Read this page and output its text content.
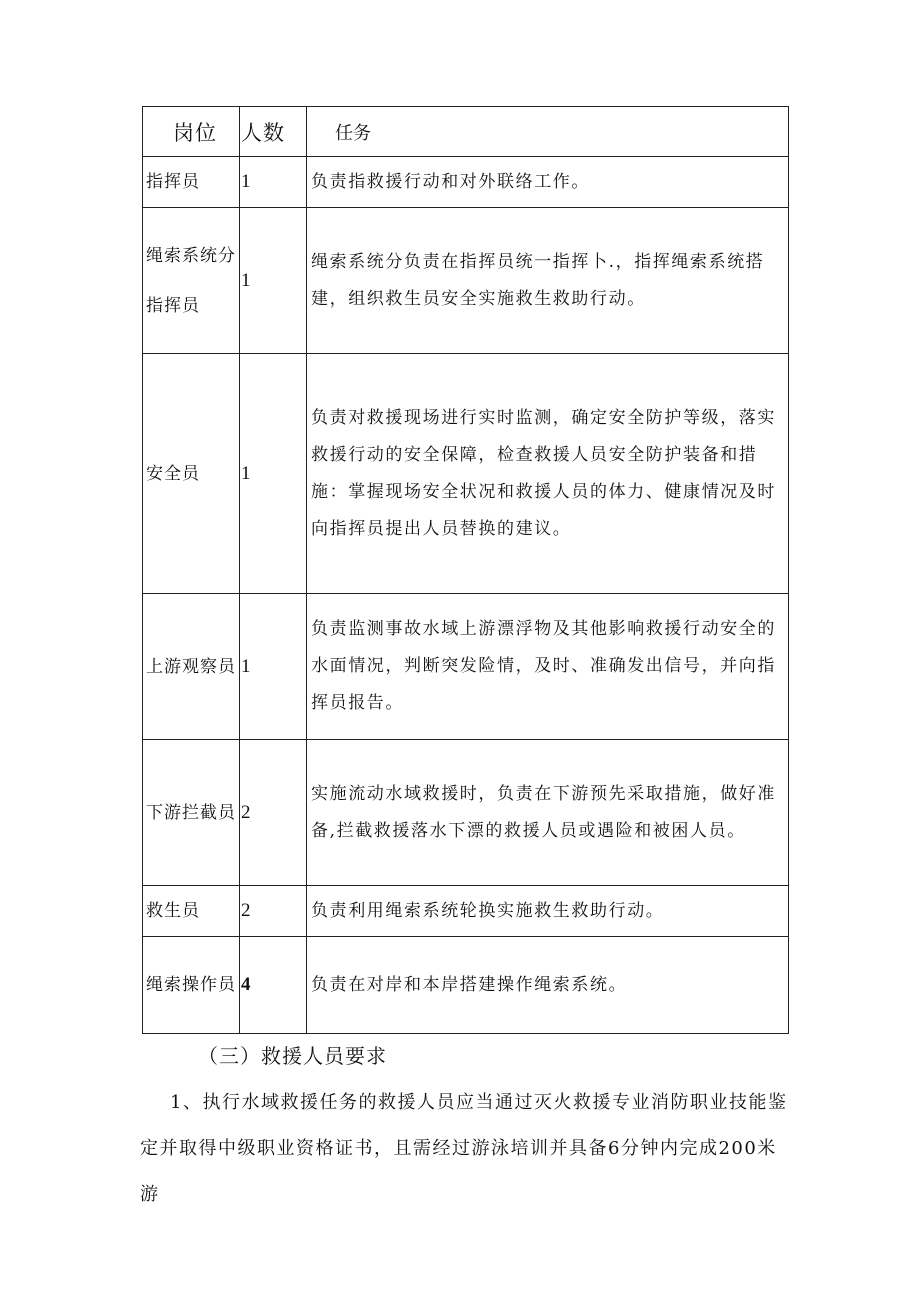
岗位	人数	任务
指挥员	1	负责指救援行动和对外联络工作。
绳索系统分指挥员	1	绳索系统分负责在指挥员统一指挥卜.，指挥绳索系统搭建，组织救生员安全实施救生救助行动。
安全员	1	负责对救援现场进行实时监测，确定安全防护等级，落实救援行动的安全保障，检查救援人员安全防护装备和措施：掌握现场安全状况和救援人员的体力、健康情况及时向指挥员提出人员替换的建议。
上游观察员	1	负责监测事故水域上游漂浮物及其他影响救援行动安全的水面情况，判断突发险情，及时、准确发出信号，并向指挥员报告。
下游拦截员	2	实施流动水域救援时，负责在下游预先采取措施，做好准备,拦截救援落水下漂的救援人员或遇险和被困人员。
救生员	2	负责利用绳索系统轮换实施救生救助行动。
绳索操作员	4	负责在对岸和本岸搭建操作绳索系统。
（三）救援人员要求
1、执行水域救援任务的救援人员应当通过灭火救援专业消防职业技能鉴定并取得中级职业资格证书，且需经过游泳培训并具备6分钟内完成200米游
